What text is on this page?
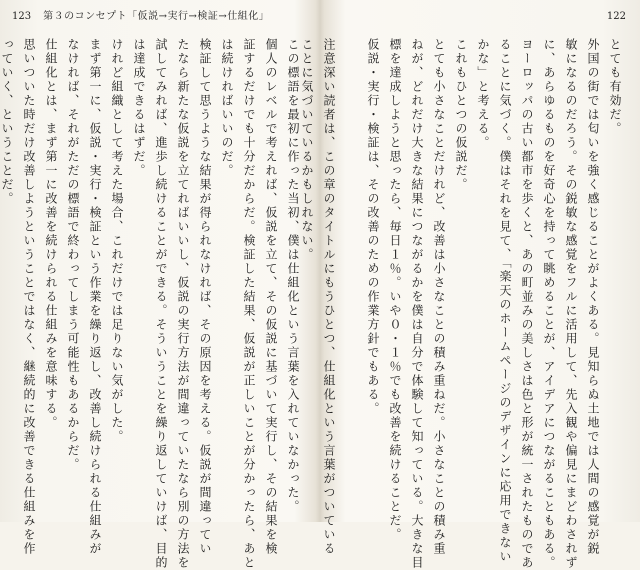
123 第３のコンセプト「仮説→実行→検証→仕組化」
この標語を最初に作った当初、僕は仕組化という言葉を入れていなかった。
個人のレベルで考えれば、仮説を立て、その仮説に基づいて実行し、その結果を検
証するだけでも十分だからだ。検証した結果、仮説が正しいことが分かったら、あと
は続ければいいのだ。
検証して思うような結果が得られなければ、その原因を考える。仮説が間違ってい
たなら新たな仮説を立てればいいし、仮説の実行方法が間違っていたなら別の方法を
試してみれば、進歩し続けることができる。そういうことを繰り返していけば、目的
は達成できるはずだ。
けれど組織として考えた場合、これだけでは足りない気がした。
まず第一に、仮説・実行・検証という作業を繰り返し、改善し続けられる仕組みが
なければ、それがただの標語で終わってしまう可能性もあるからだ。
仕組化とは、まず第一に改善を続けられる仕組みを意味する。
思いついた時だけ改善しようということではなく、継続的に改善できる仕組みを作
っていく、ということだ。
122
とても有効だ。
外国の街では匂いを強く感じることがよくある。見知らぬ土地では人間の感覚が鋭
敏になるのだろう。その鋭敏な感覚をフルに活用して、先入観や偏見にまどわされず
に、あらゆるものを好奇心を持って眺めることが、アイデアにつながることもある。
ヨーロッパの古い都市を歩くと、あの町並みの美しさは色と形が統一されたものであ
ることに気づく。僕はそれを見て、「楽天のホームページのデザインに応用できない
かな」と考える。
これもひとつの仮説だ。
とても小さなことだけれど、改善は小さなことの積み重ねだ。小さなことの積み重
ねが、どれだけ大きな結果につながるかを僕は自分で体験して知っている。大きな目
標を達成しようと思ったら、毎日１％。いや０・１％でも改善を続けることだ。
仮説・実行・検証は、その改善のための作業方針でもある。
注意深い読者は、この章のタイトルにもうひとつ、仕組化という言葉がついている
ことに気づいているかもしれない。
